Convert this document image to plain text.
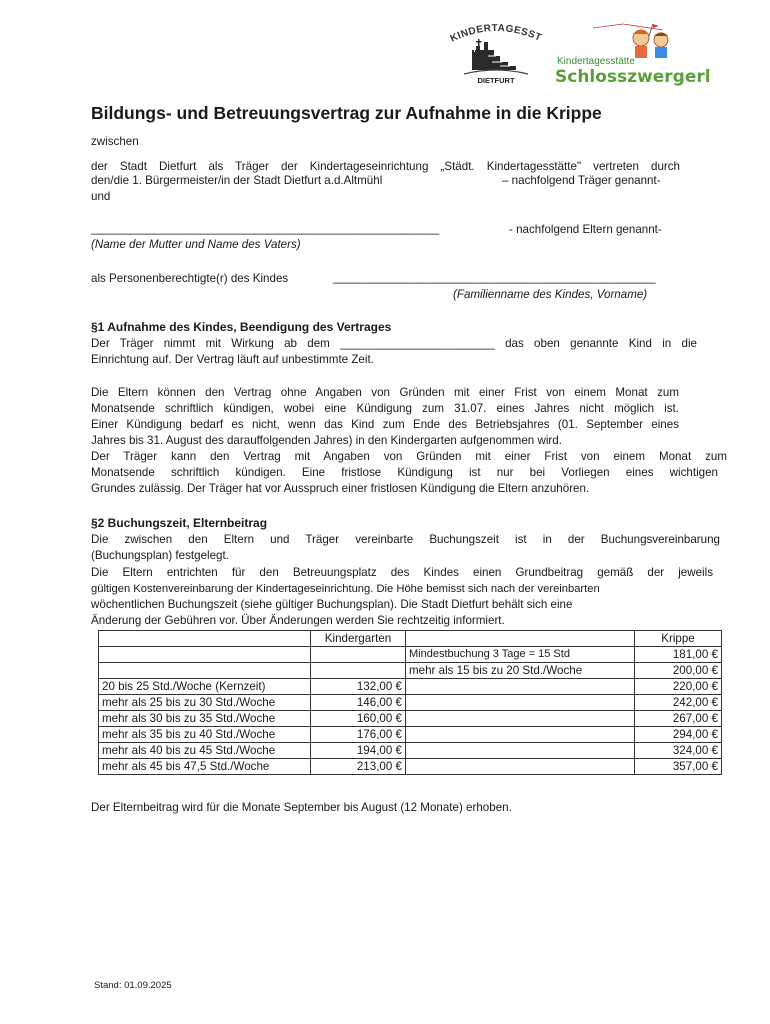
KINDERTAGESST
DIETFURT
Kindertagesstätte
Schlosszwergerl
Bildungs- und Betreuungsvertrag zur Aufnahme in die Krippe
zwischen
der Stadt Dietfurt als Träger der Kindertageseinrichtung „Städt. Kindertagesstätte" vertreten durch
den/die 1. Bürgermeister/in der Stadt Dietfurt a.d.Altmühl	– nachfolgend Träger genannt-
und
______________________________________________________	- nachfolgend Eltern genannt-
(Name der Mutter und Name des Vaters)
als Personenberechtigte(r) des Kindes	__________________________________________________
(Familienname des Kindes, Vorname)
§1 Aufnahme des Kindes, Beendigung des Vertrages
Der Träger nimmt mit Wirkung ab dem ________________________ das oben genannte Kind in die
Einrichtung auf. Der Vertrag läuft auf unbestimmte Zeit.
Die Eltern können den Vertrag ohne Angaben von Gründen mit einer Frist von einem Monat zum
Monatsende schriftlich kündigen, wobei eine Kündigung zum 31.07. eines Jahres nicht möglich ist.
Einer Kündigung bedarf es nicht, wenn das Kind zum Ende des Betriebsjahres (01. September eines
Jahres bis 31. August des darauffolgenden Jahres) in den Kindergarten aufgenommen wird.
Der Träger kann den Vertrag mit Angaben von Gründen mit einer Frist von einem Monat zum
Monatsende schriftlich kündigen. Eine fristlose Kündigung ist nur bei Vorliegen eines wichtigen
Grundes zulässig. Der Träger hat vor Ausspruch einer fristlosen Kündigung die Eltern anzuhören.
§2 Buchungszeit, Elternbeitrag
Die zwischen den Eltern und Träger vereinbarte Buchungszeit ist in der Buchungsvereinbarung
(Buchungsplan) festgelegt.
Die Eltern entrichten für den Betreuungsplatz des Kindes einen Grundbeitrag gemäß der jeweils
gültigen Kostenvereinbarung der Kindertageseinrichtung. Die Höhe bemisst sich nach der vereinbarten
wöchentlichen Buchungszeit (siehe gültiger Buchungsplan). Die Stadt Dietfurt behält sich eine
Änderung der Gebühren vor. Über Änderungen werden Sie rechtzeitig informiert.
	Kindergarten		Krippe
		Mindestbuchung 3 Tage = 15 Std	181,00 €
		mehr als 15 bis zu 20 Std./Woche	200,00 €
20 bis 25 Std./Woche (Kernzeit)	132,00 €		220,00 €
mehr als 25 bis zu 30 Std./Woche	146,00 €		242,00 €
mehr als 30 bis zu 35 Std./Woche	160,00 €		267,00 €
mehr als 35 bis zu 40 Std./Woche	176,00 €		294,00 €
mehr als 40 bis zu 45 Std./Woche	194,00 €		324,00 €
mehr als 45 bis 47,5 Std./Woche	213,00 €		357,00 €
Der Elternbeitrag wird für die Monate September bis August (12 Monate) erhoben.
Stand: 01.09.2025
